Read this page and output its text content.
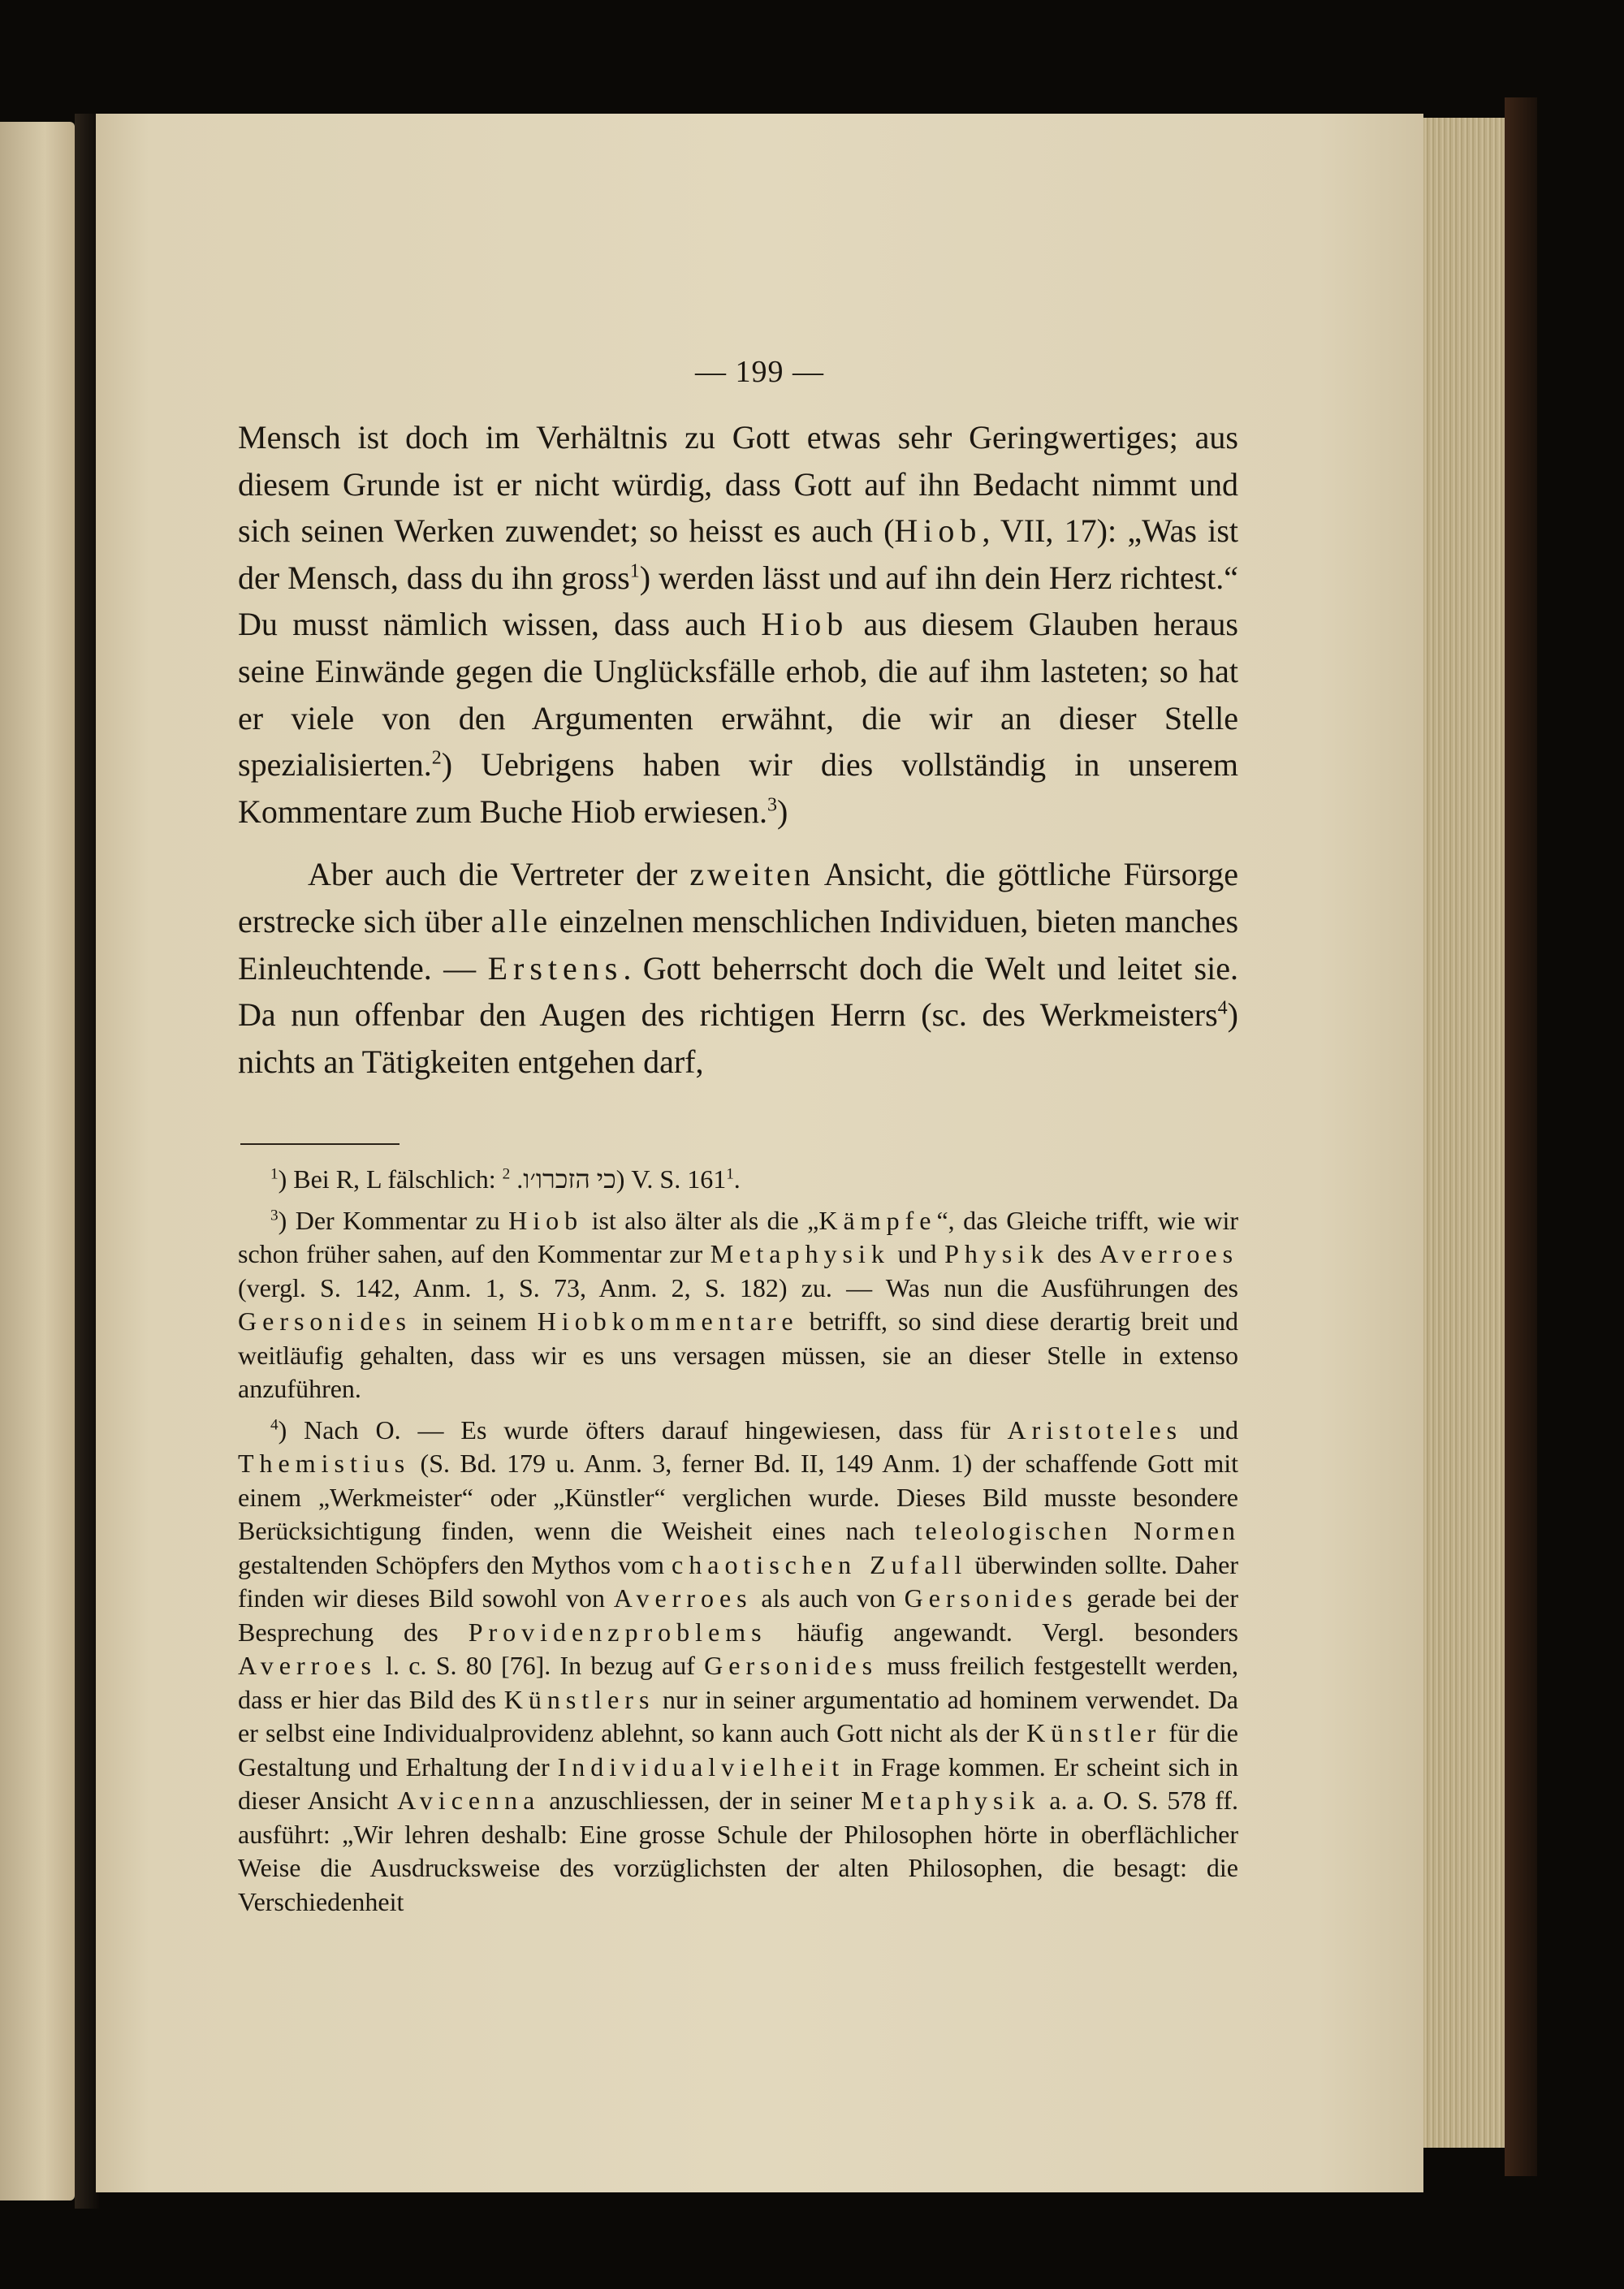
— 199 —

Mensch ist doch im Verhältnis zu Gott etwas sehr Geringwertiges; aus diesem Grunde ist er nicht würdig, dass Gott auf ihn Bedacht nimmt und sich seinen Werken zuwendet; so heisst es auch (Hiob, VII, 17): „Was ist der Mensch, dass du ihn gross$^1$) werden lässt und auf ihn dein Herz richtest.“ Du musst nämlich wissen, dass auch Hiob aus diesem Glauben heraus seine Einwände gegen die Unglücksfälle erhob, die auf ihm lasteten; so hat er viele von den Argumenten erwähnt, die wir an dieser Stelle spezialisierten.$^2$) Uebrigens haben wir dies vollständig in unserem Kommentare zum Buche Hiob erwiesen.$^3$)

Aber auch die Vertreter der zweiten Ansicht, die göttliche Fürsorge erstrecke sich über alle einzelnen menschlichen Individuen, bieten manches Einleuchtende. — Erstens. Gott beherrscht doch die Welt und leitet sie. Da nun offenbar den Augen des richtigen Herrn (sc. des Werkmeisters$^4$) nichts an Tätigkeiten entgehen darf,

$^1$) Bei R, L fälschlich: כי הזכרו׳ו. $^2$	) V. S. $161^1$.
$^3$) Der Kommentar zu Hiob ist also älter als die „Kämpfe“, das Gleiche trifft, wie wir schon früher sahen, auf den Kommentar zur Metaphysik und Physik des Averroes (vergl. S. 142, Anm. 1, S. 73, Anm. 2, S. 182) zu. — Was nun die Ausführungen des Gersonides in seinem Hiobkommentare betrifft, so sind diese derartig breit und weitläufig gehalten, dass wir es uns versagen müssen, sie an dieser Stelle in extenso anzuführen.
$^4$) Nach O. — Es wurde öfters darauf hingewiesen, dass für Aristoteles und Themistius (S. Bd. 179 u. Anm. 3, ferner Bd. II, 149 Anm. 1) der schaffende Gott mit einem „Werkmeister“ oder „Künstler“ verglichen wurde. Dieses Bild musste besondere Berücksichtigung finden, wenn die Weisheit eines nach teleologischen Normen gestaltenden Schöpfers den Mythos vom chaotischen Zufall überwinden sollte. Daher finden wir dieses Bild sowohl von Averroes als auch von Gersonides gerade bei der Besprechung des Providenzproblems häufig angewandt. Vergl. besonders Averroes l. c. S. 80 [76]. In bezug auf Gersonides muss freilich festgestellt werden, dass er hier das Bild des Künstlers nur in seiner argumentatio ad hominem verwendet. Da er selbst eine Individualprovidenz ablehnt, so kann auch Gott nicht als der Künstler für die Gestaltung und Erhaltung der Individualvielheit in Frage kommen. Er scheint sich in dieser Ansicht Avicenna anzuschliessen, der in seiner Metaphysik a. a. O. S. 578 ff. ausführt: „Wir lehren deshalb: Eine grosse Schule der Philosophen hörte in oberflächlicher Weise die Ausdrucksweise des vorzüglichsten der alten Philosophen, die besagt: die Verschiedenheit
